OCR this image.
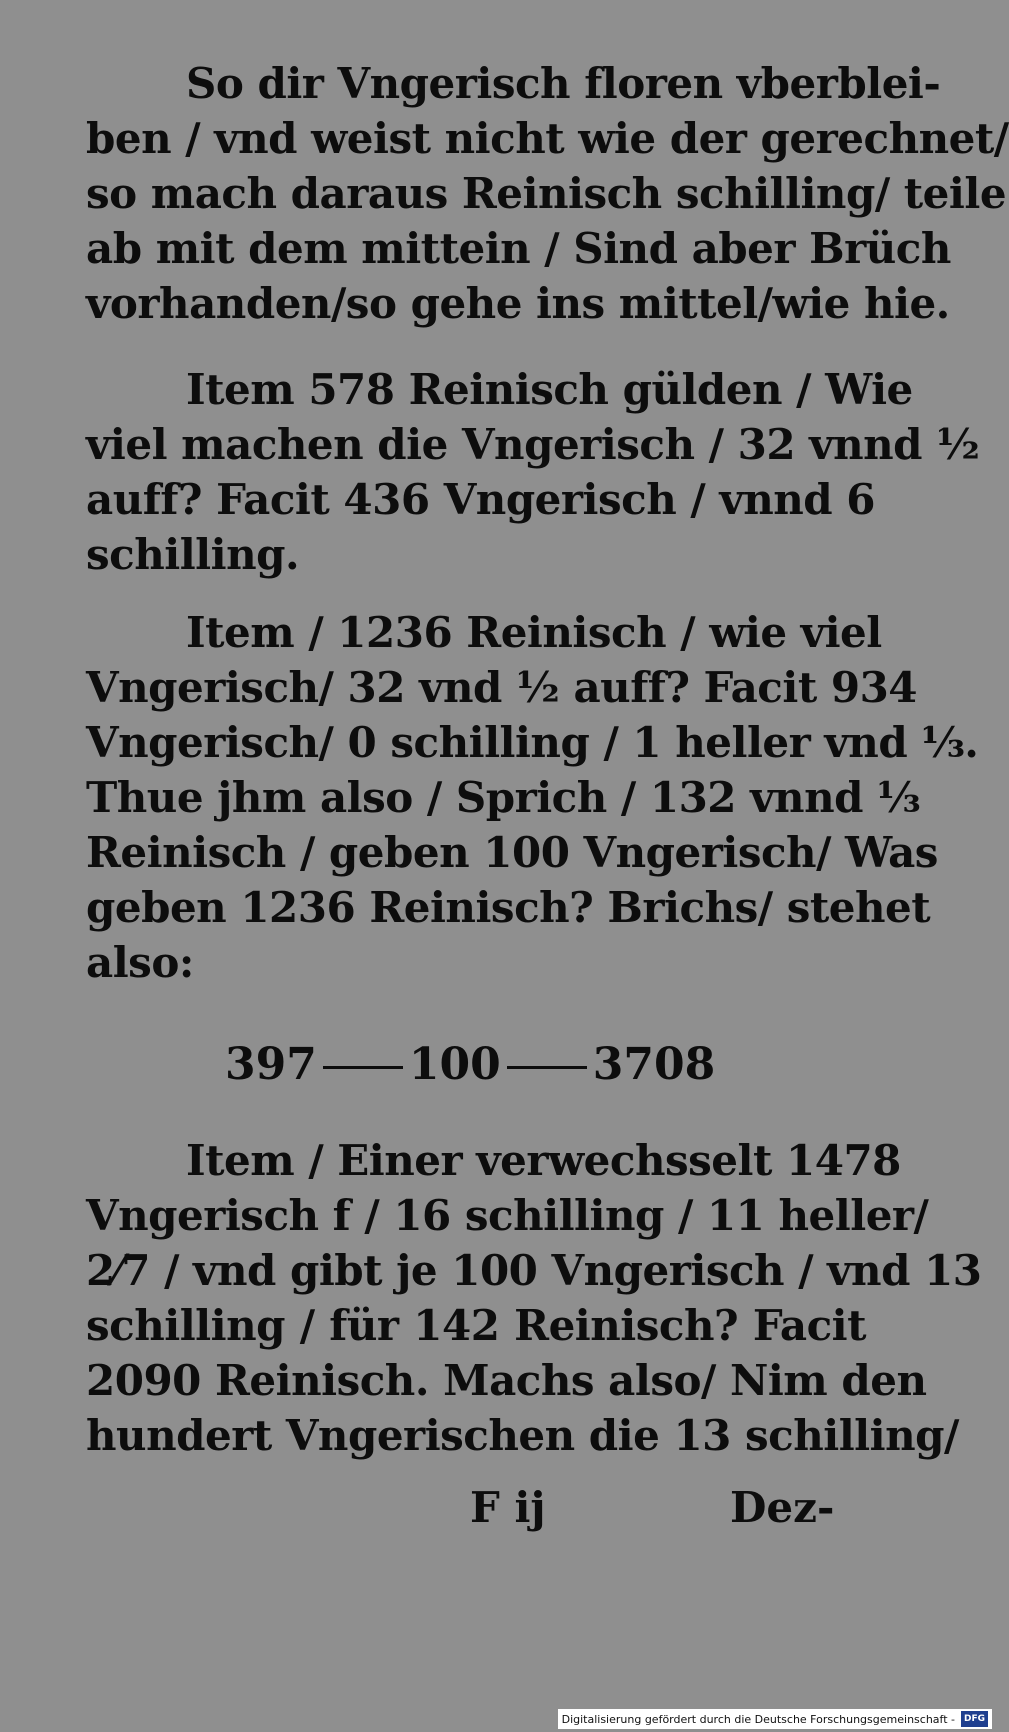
So dir Vngerisch floren vberblei-
ben / vnd weist nicht wie der gerechnet/
so mach daraus Reinisch schilling/ teile
ab mit dem mittein / Sind aber Brüch
vorhanden/so gehe ins mittel/wie hie.
Item 578 Reinisch gülden / Wie
viel machen die Vngerisch / 32 vnnd ½
auff? Facit 436 Vngerisch / vnnd 6
schilling.
Item / 1236 Reinisch / wie viel
Vngerisch/ 32 vnd ½ auff? Facit 934
Vngerisch/ 0 schilling / 1 heller vnd ⅓.
Thue jhm also / Sprich / 132 vnnd ⅓
Reinisch / geben 100 Vngerisch/ Was
geben 1236 Reinisch? Brichs/ stehet
also:
397 100 3708
Item / Einer verwechsselt 1478
Vngerisch f / 16 schilling / 11 heller/
2⁄7 / vnd gibt je 100 Vngerisch / vnd 13
schilling / für 142 Reinisch? Facit
2090 Reinisch. Machs also/ Nim den
hundert Vngerischen die 13 schilling/
F ij	Dez-
Digitalisierung gefördert durch die Deutsche Forschungsgemeinschaft -	DFG
